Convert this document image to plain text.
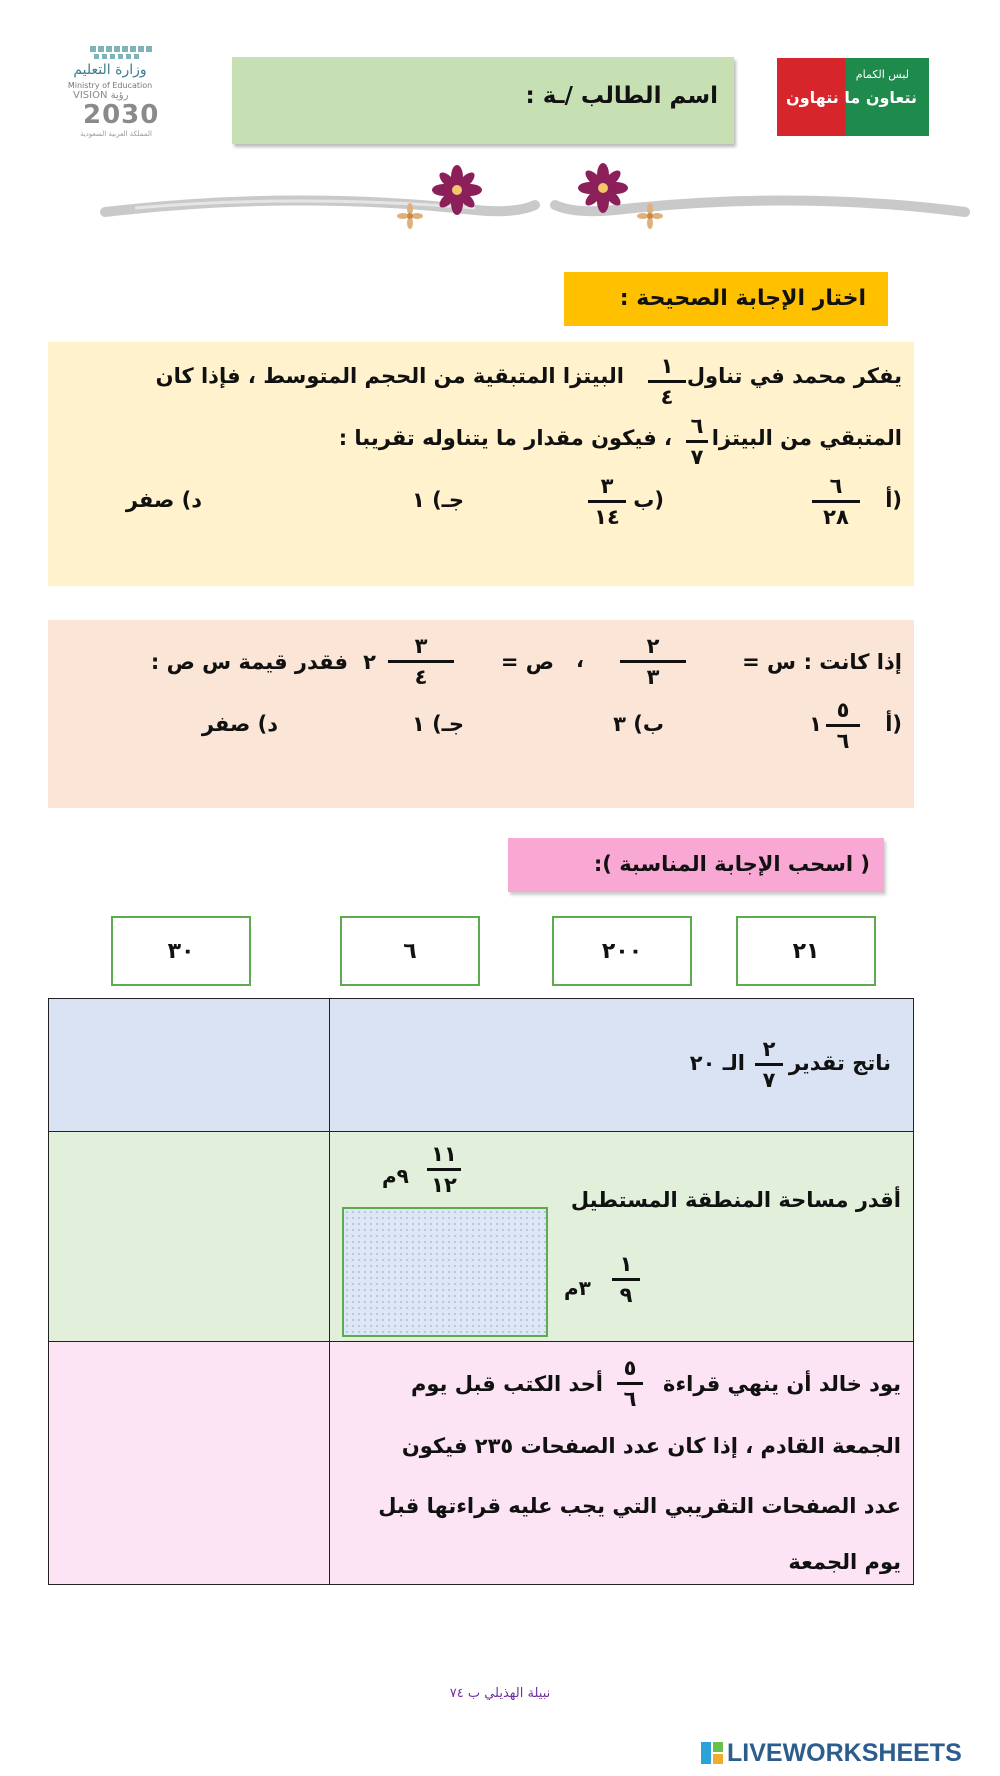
وزارة التعليم
Ministry of Education
VISION رؤية
2030
المملكة العربية السعودية
اسم الطالب /ـة :
لبس الكمام
نتعاون ما نتهاون
اختار الإجابة الصحيحة :
يفكر محمد في تناول
١
٤
البيتزا المتبقية من الحجم المتوسط ، فإذا كان
المتبقي من البيتزا
٦
٧
، فيكون مقدار ما يتناوله تقريبا :
أ)
٦
٢٨
ب)
٣
١٤
جـ) ١
د) صفر
إذا كانت :
س =
٢
٣
،
ص =
٣
٤
٢
فقدر قيمة س ص :
أ)
٥
٦
١
ب) ٣
جـ) ١
د) صفر
( اسحب الإجابة المناسبة ):
٢١
٢٠٠
٦
٣٠
ناتج تقدير
٢
٧
الـ ٢٠
أقدر مساحة المنطقة المستطيل
١١
١٢
٩م
١
٩
٣م
يود خالد أن ينهي قراءة
٥
٦
أحد الكتب قبل يوم
الجمعة القادم ، إذا كان عدد الصفحات ٢٣٥ فيكون
عدد الصفحات التقريبي التي يجب عليه قراءتها قبل
يوم الجمعة
نبيلة الهذيلي ب ٧٤
LIVEWORKSHEETS
